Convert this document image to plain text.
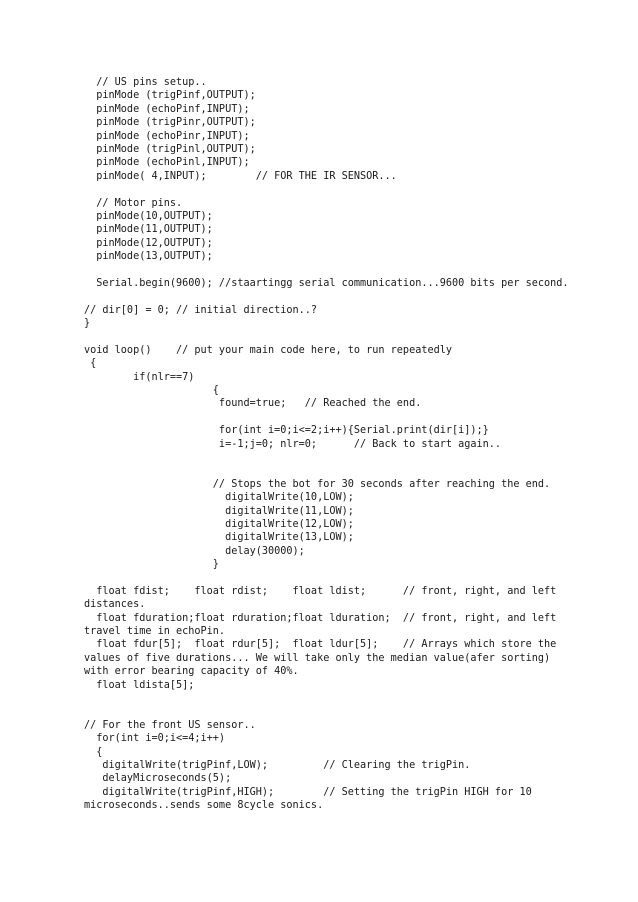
// US pins setup..
pinMode (trigPinf,OUTPUT);
pinMode (echoPinf,INPUT);
pinMode (trigPinr,OUTPUT);
pinMode (echoPinr,INPUT);
pinMode (trigPinl,OUTPUT);
pinMode (echoPinl,INPUT);
pinMode( 4,INPUT);        // FOR THE IR SENSOR...
// Motor pins.
pinMode(10,OUTPUT);
pinMode(11,OUTPUT);
pinMode(12,OUTPUT);
pinMode(13,OUTPUT);
Serial.begin(9600); //staartingg serial communication...9600 bits per second.
// dir[0] = 0; // initial direction..?
}
void loop()    // put your main code here, to run repeatedly
{
if(nlr==7)
{
found=true;   // Reached the end.
for(int i=0;i<=2;i++){Serial.print(dir[i]);}
i=-1;j=0; nlr=0;      // Back to start again..
// Stops the bot for 30 seconds after reaching the end.
digitalWrite(10,LOW);
digitalWrite(11,LOW);
digitalWrite(12,LOW);
digitalWrite(13,LOW);
delay(30000);
}
float fdist;    float rdist;    float ldist;      // front, right, and left
distances.
float fduration;float rduration;float lduration;  // front, right, and left
travel time in echoPin.
float fdur[5];  float rdur[5];  float ldur[5];    // Arrays which store the
values of five durations... We will take only the median value(afer sorting)
with error bearing capacity of 40%.
float ldista[5];
// For the front US sensor..
for(int i=0;i<=4;i++)
{
digitalWrite(trigPinf,LOW);         // Clearing the trigPin.
delayMicroseconds(5);
digitalWrite(trigPinf,HIGH);        // Setting the trigPin HIGH for 10
microseconds..sends some 8cycle sonics.
